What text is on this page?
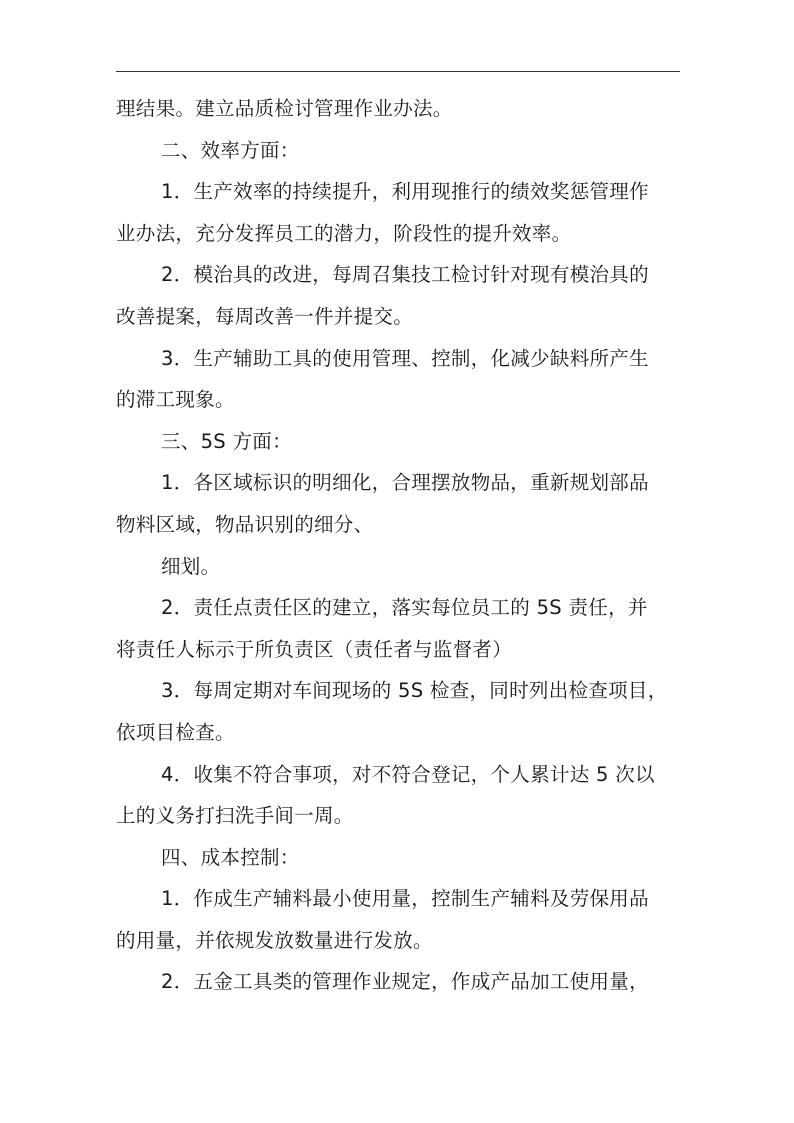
理结果。建立品质检讨管理作业办法。
二、效率方面：
1．生产效率的持续提升，利用现推行的绩效奖惩管理作
业办法，充分发挥员工的潜力，阶段性的提升效率。
2．模治具的改进，每周召集技工检讨针对现有模治具的
改善提案，每周改善一件并提交。
3．生产辅助工具的使用管理、控制，化减少缺料所产生
的滞工现象。
三、5S 方面：
1．各区域标识的明细化，合理摆放物品，重新规划部品
物料区域，物品识别的细分、
细划。
2．责任点责任区的建立，落实每位员工的 5S 责任，并
将责任人标示于所负责区（责任者与监督者）
3．每周定期对车间现场的 5S 检查，同时列出检查项目，
依项目检查。
4．收集不符合事项，对不符合登记，个人累计达 5 次以
上的义务打扫洗手间一周。
四、成本控制：
1．作成生产辅料最小使用量，控制生产辅料及劳保用品
的用量，并依规发放数量进行发放。
2．五金工具类的管理作业规定，作成产品加工使用量，
